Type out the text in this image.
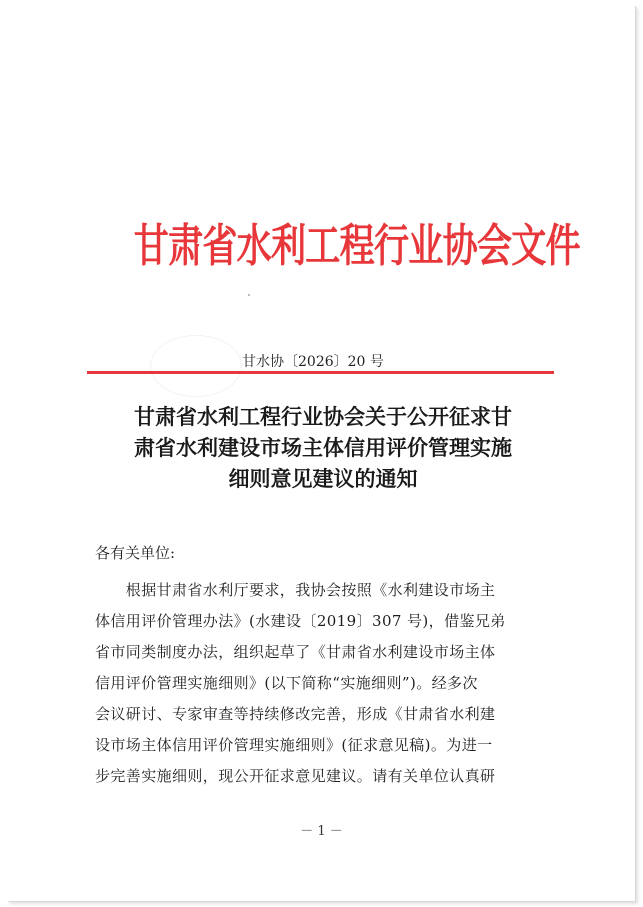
甘肃省水利工程行业协会文件
甘水协〔2026〕20 号
甘肃省水利工程行业协会关于公开征求甘
肃省水利建设市场主体信用评价管理实施
细则意见建议的通知
各有关单位:
　　根据甘肃省水利厅要求，我协会按照《水利建设市场主
体信用评价管理办法》(水建设〔2019〕307 号)，借鉴兄弟
省市同类制度办法，组织起草了《甘肃省水利建设市场主体
信用评价管理实施细则》(以下简称“实施细则”)。经多次
会议研讨、专家审查等持续修改完善，形成《甘肃省水利建
设市场主体信用评价管理实施细则》(征求意见稿)。为进一
步完善实施细则，现公开征求意见建议。请有关单位认真研
－ 1 －
